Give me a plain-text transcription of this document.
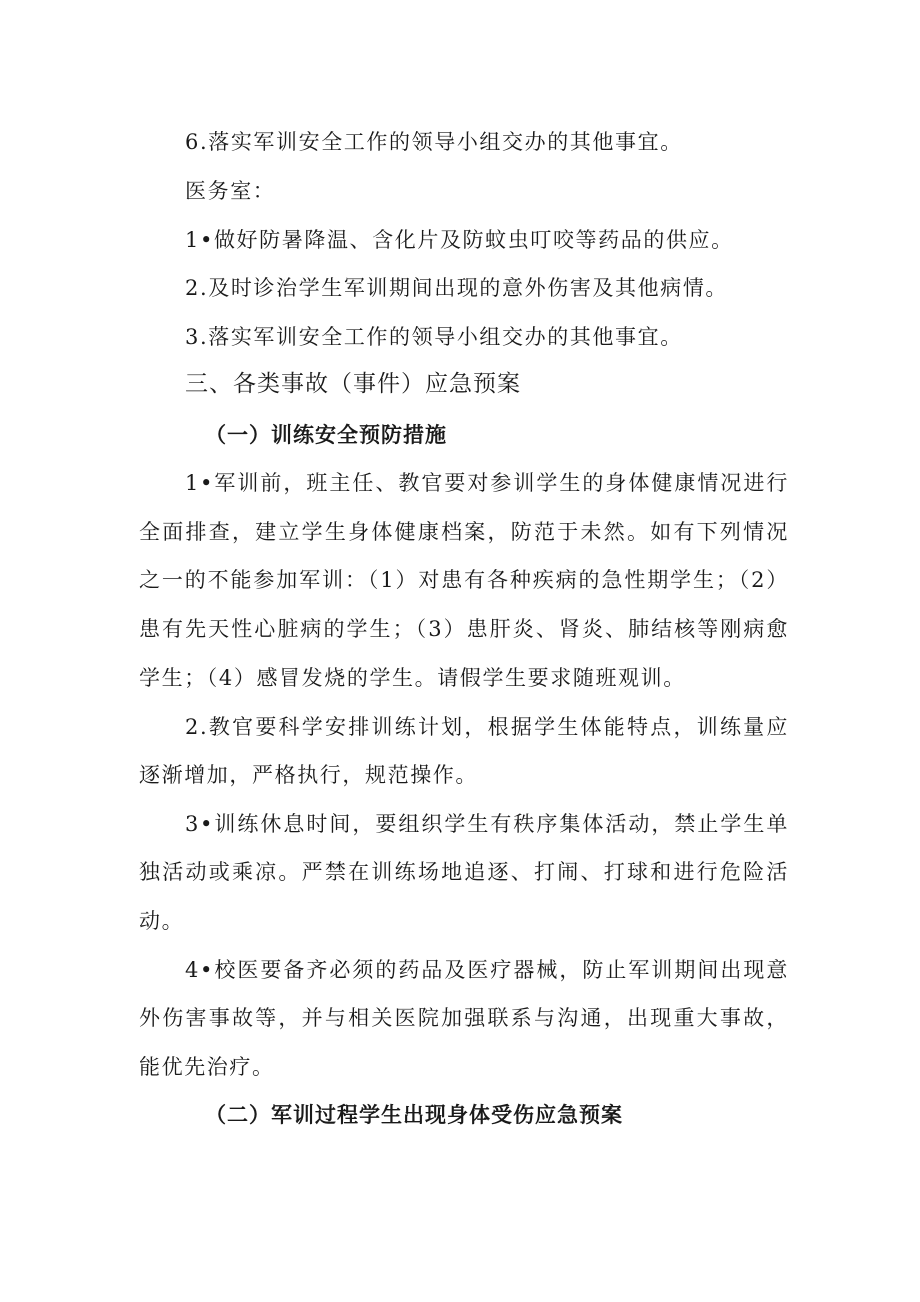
6.落实军训安全工作的领导小组交办的其他事宜。
医务室：
1•做好防暑降温、含化片及防蚊虫叮咬等药品的供应。
2.及时诊治学生军训期间出现的意外伤害及其他病情。
3.落实军训安全工作的领导小组交办的其他事宜。
三、各类事故（事件）应急预案
（一）训练安全预防措施
1•军训前，班主任、教官要对参训学生的身体健康情况进行
全面排查，建立学生身体健康档案，防范于未然。如有下列情况
之一的不能参加军训：（1）对患有各种疾病的急性期学生；（2）
患有先天性心脏病的学生；（3）患肝炎、肾炎、肺结核等刚病愈
学生；（4）感冒发烧的学生。请假学生要求随班观训。
2.教官要科学安排训练计划，根据学生体能特点，训练量应
逐渐增加，严格执行，规范操作。
3•训练休息时间，要组织学生有秩序集体活动，禁止学生单
独活动或乘凉。严禁在训练场地追逐、打闹、打球和进行危险活
动。
4•校医要备齐必须的药品及医疗器械，防止军训期间出现意
外伤害事故等，并与相关医院加强联系与沟通，出现重大事故，
能优先治疗。
（二）军训过程学生出现身体受伤应急预案
